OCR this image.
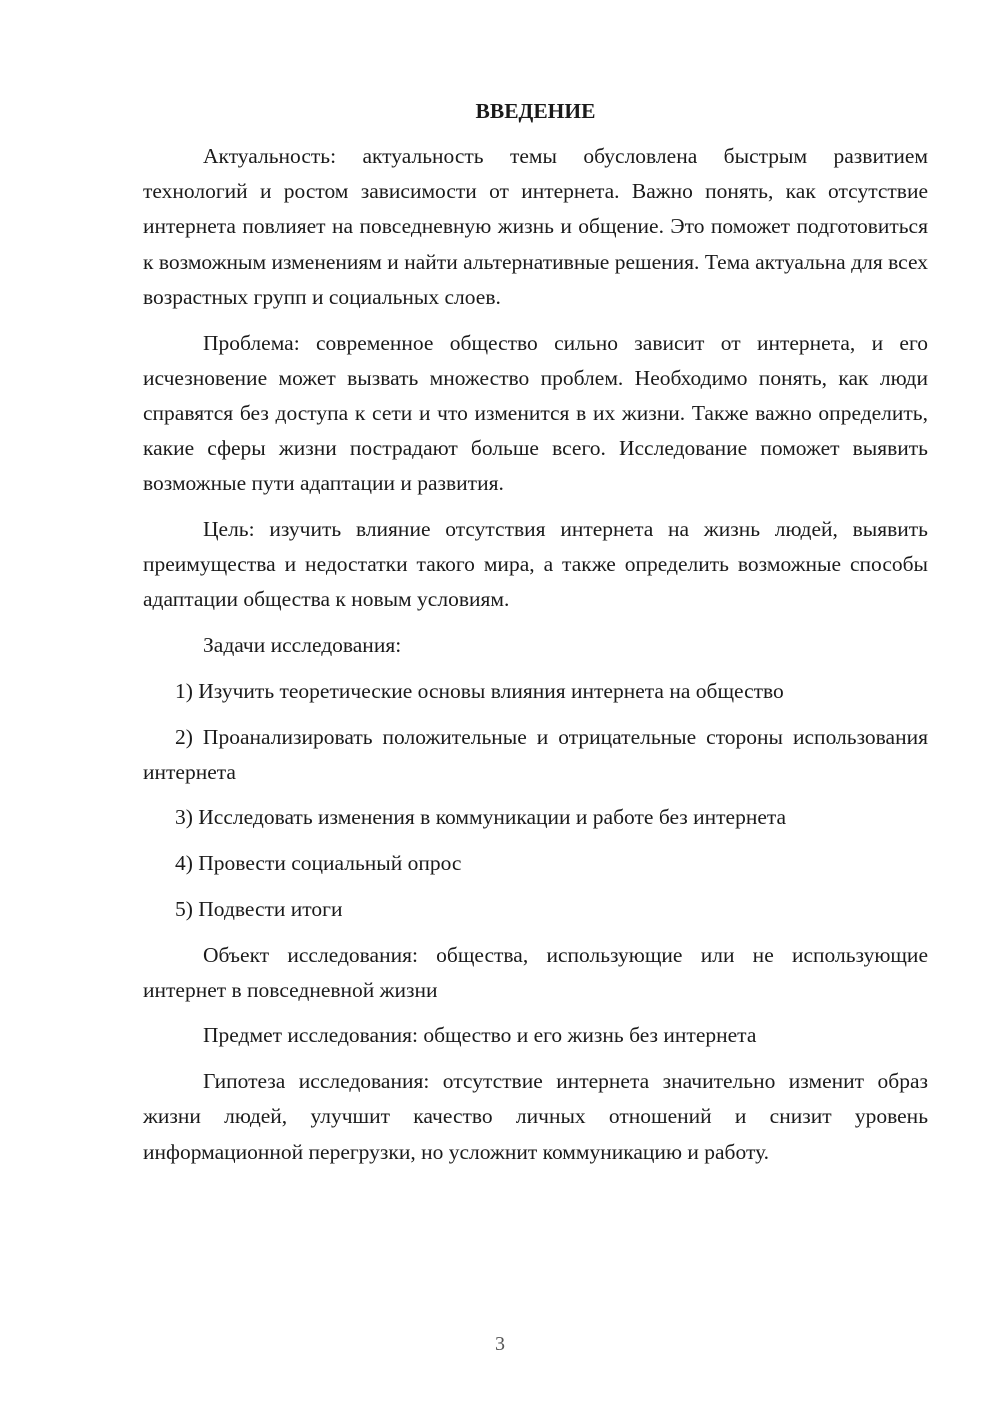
ВВЕДЕНИЕ

Актуальность: актуальность темы обусловлена быстрым развитием технологий и ростом зависимости от интернета. Важно понять, как отсутствие интернета повлияет на повседневную жизнь и общение. Это поможет подготовиться к возможным изменениям и найти альтернативные решения. Тема актуальна для всех возрастных групп и социальных слоев.

Проблема: современное общество сильно зависит от интернета, и его исчезновение может вызвать множество проблем. Необходимо понять, как люди справятся без доступа к сети и что изменится в их жизни. Также важно определить, какие сферы жизни пострадают больше всего. Исследование поможет выявить возможные пути адаптации и развития.

Цель: изучить влияние отсутствия интернета на жизнь людей, выявить преимущества и недостатки такого мира, а также определить возможные способы адаптации общества к новым условиям.

Задачи исследования:

1) Изучить теоретические основы влияния интернета на общество

2) Проанализировать положительные и отрицательные стороны использования интернета

3) Исследовать изменения в коммуникации и работе без интернета

4) Провести социальный опрос

5) Подвести итоги

Объект исследования: общества, использующие или не использующие интернет в повседневной жизни

Предмет исследования: общество и его жизнь без интернета

Гипотеза исследования: отсутствие интернета значительно изменит образ жизни людей, улучшит качество личных отношений и снизит уровень информационной перегрузки, но усложнит коммуникацию и работу.

3
